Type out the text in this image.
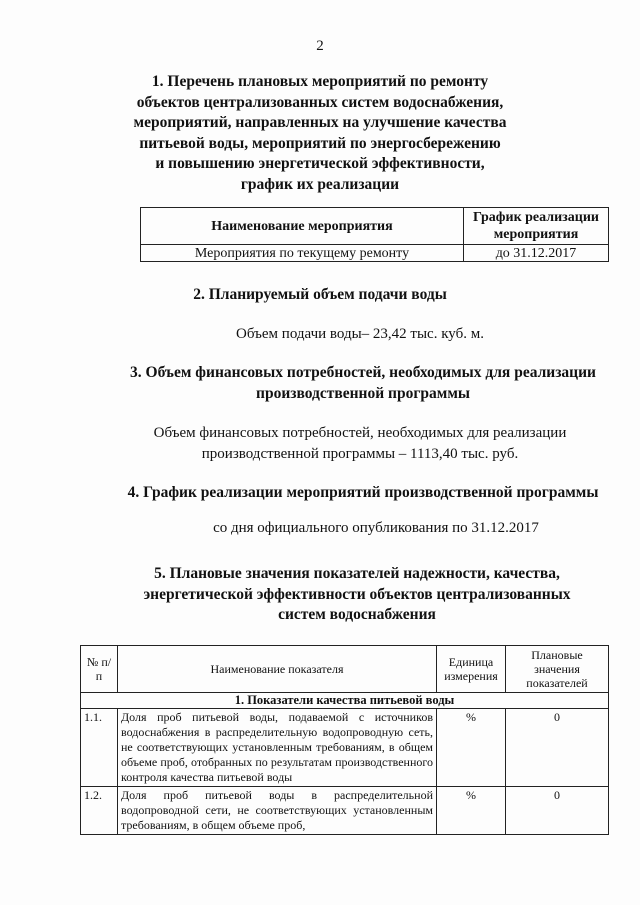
2
1. Перечень плановых мероприятий по ремонту
объектов централизованных систем водоснабжения,
мероприятий, направленных на улучшение качества
питьевой воды, мероприятий по энергосбережению
и повышению энергетической эффективности,
график их реализации
Наименование мероприятия	График реализации мероприятия
Мероприятия по текущему ремонту	до 31.12.2017
2. Планируемый объем подачи воды
Объем подачи воды– 23,42 тыс. куб. м.
3. Объем финансовых потребностей, необходимых для реализации
производственной программы
Объем финансовых потребностей, необходимых для реализации
производственной программы – 1113,40 тыс. руб.
4. График реализации мероприятий производственной программы
со дня официального опубликования по 31.12.2017
5. Плановые значения показателей надежности, качества,
энергетической эффективности объектов централизованных
систем водоснабжения
№ п/п	Наименование показателя	Единица измерения	Плановые значения показателей
1. Показатели качества питьевой воды			
1.1.	Доля проб питьевой воды, подаваемой с источников водоснабжения в распределительную водопроводную сеть, не соответствующих установленным требованиям, в общем объеме проб, отобранных по результатам производственного контроля качества питьевой воды	%	0
1.2.	Доля проб питьевой воды в распределительной водопроводной сети, не соответствующих установленным требованиям, в общем объеме проб,	%	0
